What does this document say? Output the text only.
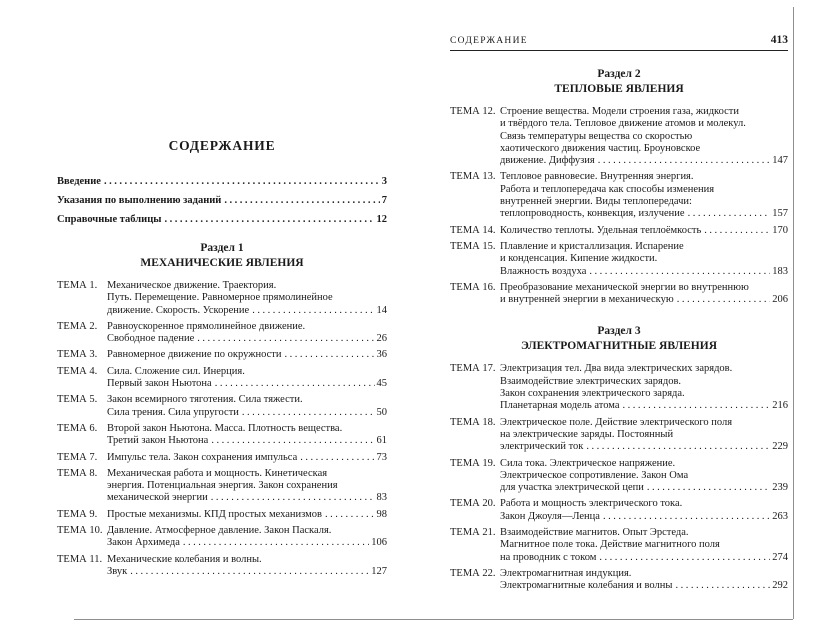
СОДЕРЖАНИЕ
Введение .....	3
Указания по выполнению заданий .....	7
Справочные таблицы .....	12
Раздел 1
МЕХАНИЧЕСКИЕ ЯВЛЕНИЯ
ТЕМА 1. Механическое движение. Траектория.
Путь. Перемещение. Равномерное прямолинейное
движение. Скорость. Ускорение .....	14
ТЕМА 2. Равноускоренное прямолинейное движение.
Свободное падение .....	26
ТЕМА 3. Равномерное движение по окружности .....	36
ТЕМА 4. Сила. Сложение сил. Инерция.
Первый закон Ньютона .....	45
ТЕМА 5. Закон всемирного тяготения. Сила тяжести.
Сила трения. Сила упругости .....	50
ТЕМА 6. Второй закон Ньютона. Масса. Плотность вещества.
Третий закон Ньютона .....	61
ТЕМА 7. Импульс тела. Закон сохранения импульса .....	73
ТЕМА 8. Механическая работа и мощность. Кинетическая
энергия. Потенциальная энергия. Закон сохранения
механической энергии .....	83
ТЕМА 9. Простые механизмы. КПД простых механизмов .....	98
ТЕМА 10. Давление. Атмосферное давление. Закон Паскаля.
Закон Архимеда .....	106
ТЕМА 11. Механические колебания и волны.
Звук .....	127
СОДЕРЖАНИЕ	413
Раздел 2
ТЕПЛОВЫЕ ЯВЛЕНИЯ
ТЕМА 12. Строение вещества. Модели строения газа, жидкости
и твёрдого тела. Тепловое движение атомов и молекул.
Связь температуры вещества со скоростью
хаотического движения частиц. Броуновское
движение. Диффузия .....	147
ТЕМА 13. Тепловое равновесие. Внутренняя энергия.
Работа и теплопередача как способы изменения
внутренней энергии. Виды теплопередачи:
теплопроводность, конвекция, излучение .....	157
ТЕМА 14. Количество теплоты. Удельная теплоёмкость .....	170
ТЕМА 15. Плавление и кристаллизация. Испарение
и конденсация. Кипение жидкости.
Влажность воздуха .....	183
ТЕМА 16. Преобразование механической энергии во внутреннюю
и внутренней энергии в механическую .....	206
Раздел 3
ЭЛЕКТРОМАГНИТНЫЕ ЯВЛЕНИЯ
ТЕМА 17. Электризация тел. Два вида электрических зарядов.
Взаимодействие электрических зарядов.
Закон сохранения электрического заряда.
Планетарная модель атома .....	216
ТЕМА 18. Электрическое поле. Действие электрического поля
на электрические заряды. Постоянный
электрический ток .....	229
ТЕМА 19. Сила тока. Электрическое напряжение.
Электрическое сопротивление. Закон Ома
для участка электрической цепи .....	239
ТЕМА 20. Работа и мощность электрического тока.
Закон Джоуля—Ленца .....	263
ТЕМА 21. Взаимодействие магнитов. Опыт Эрстеда.
Магнитное поле тока. Действие магнитного поля
на проводник с током .....	274
ТЕМА 22. Электромагнитная индукция.
Электромагнитные колебания и волны .....	292
